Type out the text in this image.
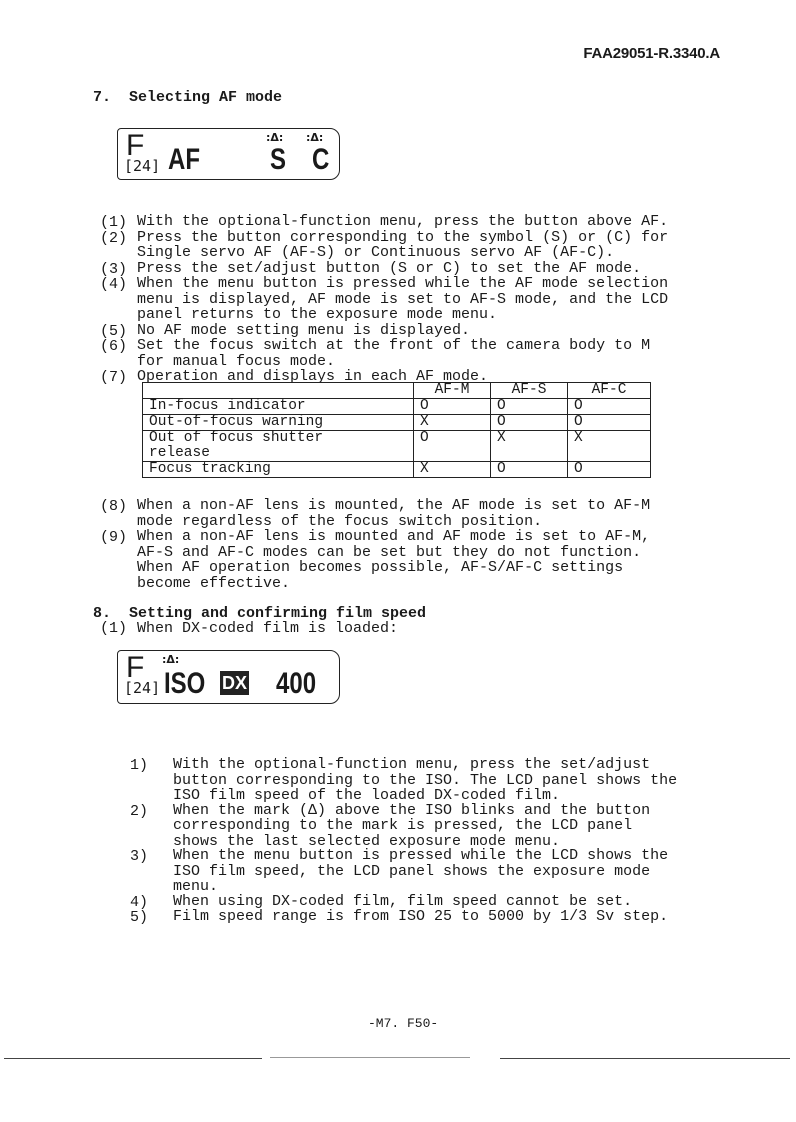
FAA29051-R.3340.A
7.  Selecting AF mode
F
[24] AF
:Δ: :Δ:
S C
(1) With the optional-function menu, press the button above AF.
(2) Press the button corresponding to the symbol (S) or (C) for
Single servo AF (AF-S) or Continuous servo AF (AF-C).
(3) Press the set/adjust button (S or C) to set the AF mode.
(4) When the menu button is pressed while the AF mode selection
menu is displayed, AF mode is set to AF-S mode, and the LCD
panel returns to the exposure mode menu.
(5) No AF mode setting menu is displayed.
(6) Set the focus switch at the front of the camera body to M
for manual focus mode.
(7) Operation and displays in each AF mode.
	AF-M	AF-S	AF-C

In-focus indicator	O	O	O

Out-of-focus warning	X	O	O

Out of focus shutter
release	O	X	X

Focus tracking	X	O	O
(8) When a non-AF lens is mounted, the AF mode is set to AF-M
mode regardless of the focus switch position.
(9) When a non-AF lens is mounted and AF mode is set to AF-M,
AF-S and AF-C modes can be set but they do not function.
When AF operation becomes possible, AF-S/AF-C settings
become effective.
8.  Setting and confirming film speed
(1) When DX-coded film is loaded:
F :Δ:
[24] ISO DX 400
1) With the optional-function menu, press the set/adjust
button corresponding to the ISO. The LCD panel shows the
ISO film speed of the loaded DX-coded film.
2) When the mark (Δ) above the ISO blinks and the button
corresponding to the mark is pressed, the LCD panel
shows the last selected exposure mode menu.
3) When the menu button is pressed while the LCD shows the
ISO film speed, the LCD panel shows the exposure mode
menu.
4) When using DX-coded film, film speed cannot be set.
5) Film speed range is from ISO 25 to 5000 by 1/3 Sv step.
-M7. F50-
